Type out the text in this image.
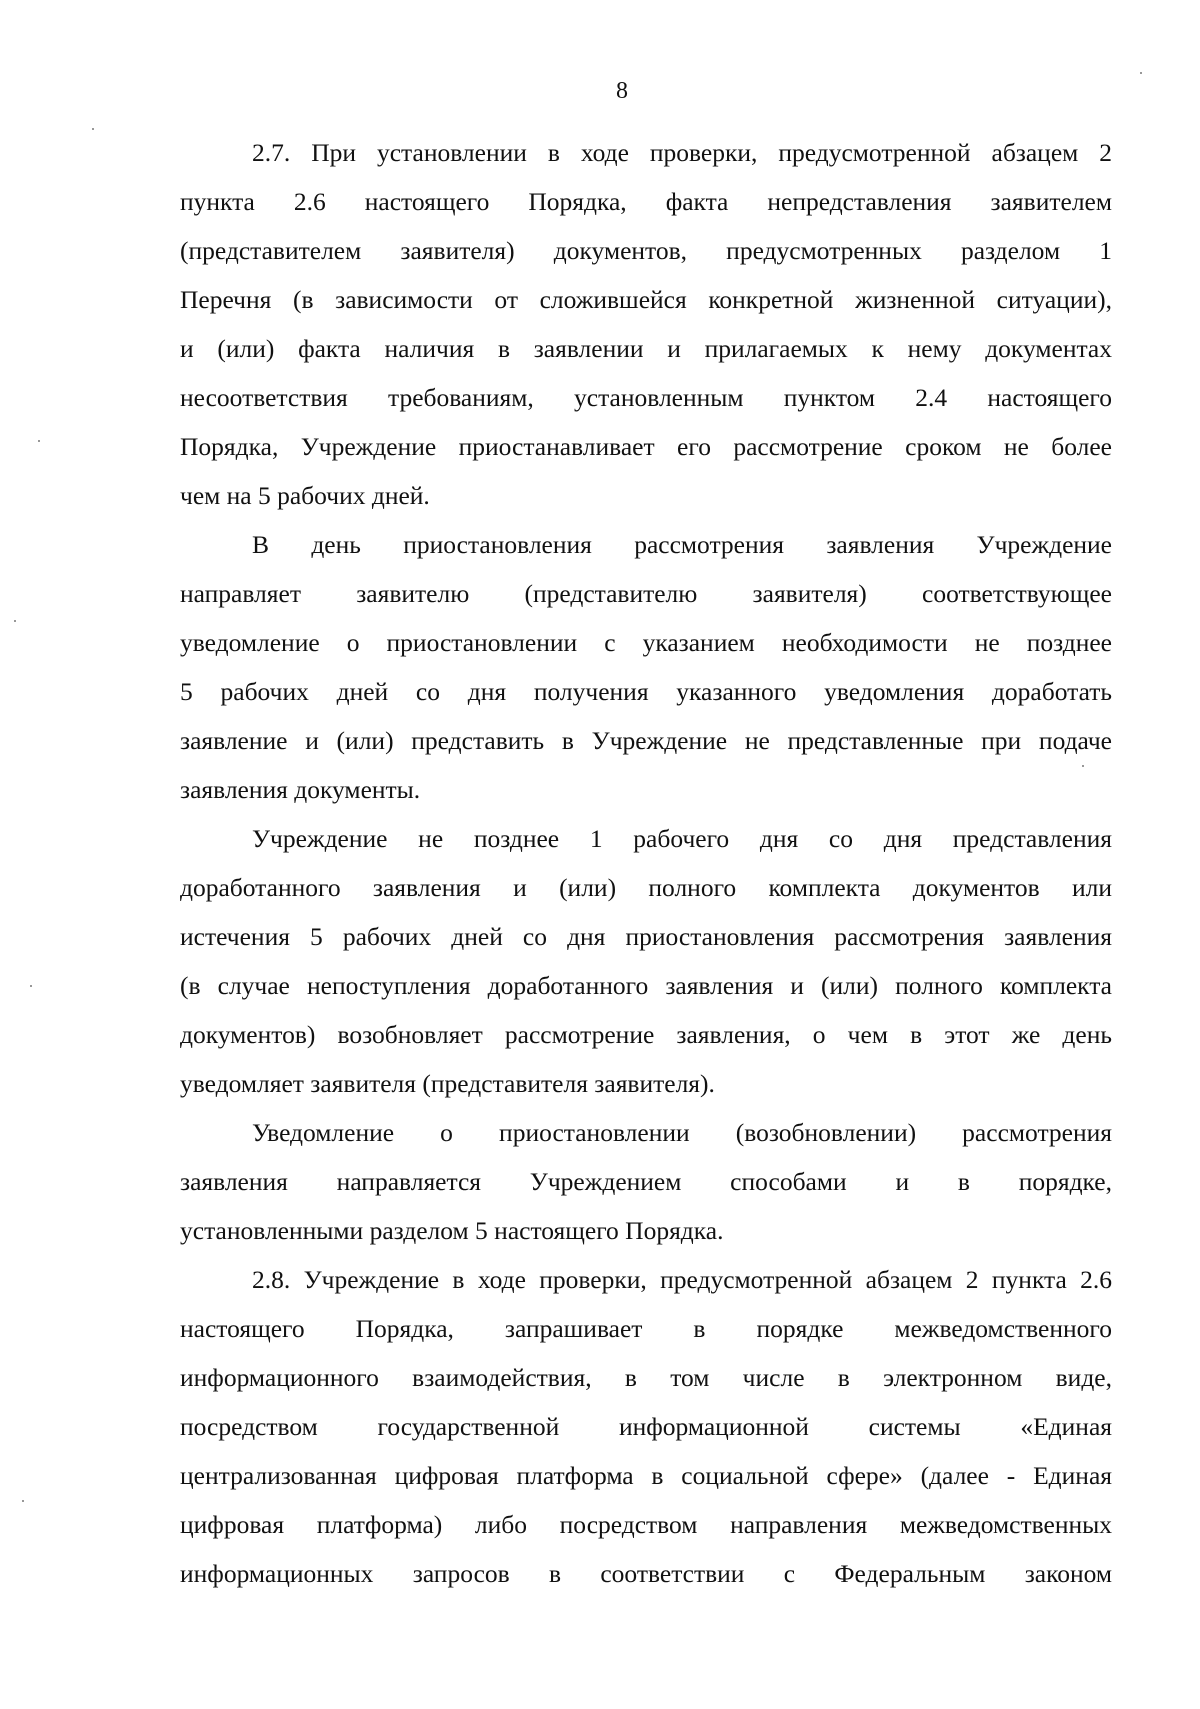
8
2.7. При установлении в ходе проверки, предусмотренной абзацем 2
пункта 2.6 настоящего Порядка, факта непредставления заявителем
(представителем заявителя) документов, предусмотренных разделом 1
Перечня (в зависимости от сложившейся конкретной жизненной ситуации),
и (или) факта наличия в заявлении и прилагаемых к нему документах
несоответствия требованиям, установленным пунктом 2.4 настоящего
Порядка, Учреждение приостанавливает его рассмотрение сроком не более
чем на 5 рабочих дней.
В день приостановления рассмотрения заявления Учреждение
направляет заявителю (представителю заявителя) соответствующее
уведомление о приостановлении с указанием необходимости не позднее
5 рабочих дней со дня получения указанного уведомления доработать
заявление и (или) представить в Учреждение не представленные при подаче
заявления документы.
Учреждение не позднее 1 рабочего дня со дня представления
доработанного заявления и (или) полного комплекта документов или
истечения 5 рабочих дней со дня приостановления рассмотрения заявления
(в случае непоступления доработанного заявления и (или) полного комплекта
документов) возобновляет рассмотрение заявления, о чем в этот же день
уведомляет заявителя (представителя заявителя).
Уведомление о приостановлении (возобновлении) рассмотрения
заявления направляется Учреждением способами и в порядке,
установленными разделом 5 настоящего Порядка.
2.8. Учреждение в ходе проверки, предусмотренной абзацем 2 пункта 2.6
настоящего Порядка, запрашивает в порядке межведомственного
информационного взаимодействия, в том числе в электронном виде,
посредством государственной информационной системы «Единая
централизованная цифровая платформа в социальной сфере» (далее - Единая
цифровая платформа) либо посредством направления межведомственных
информационных запросов в соответствии с Федеральным законом
